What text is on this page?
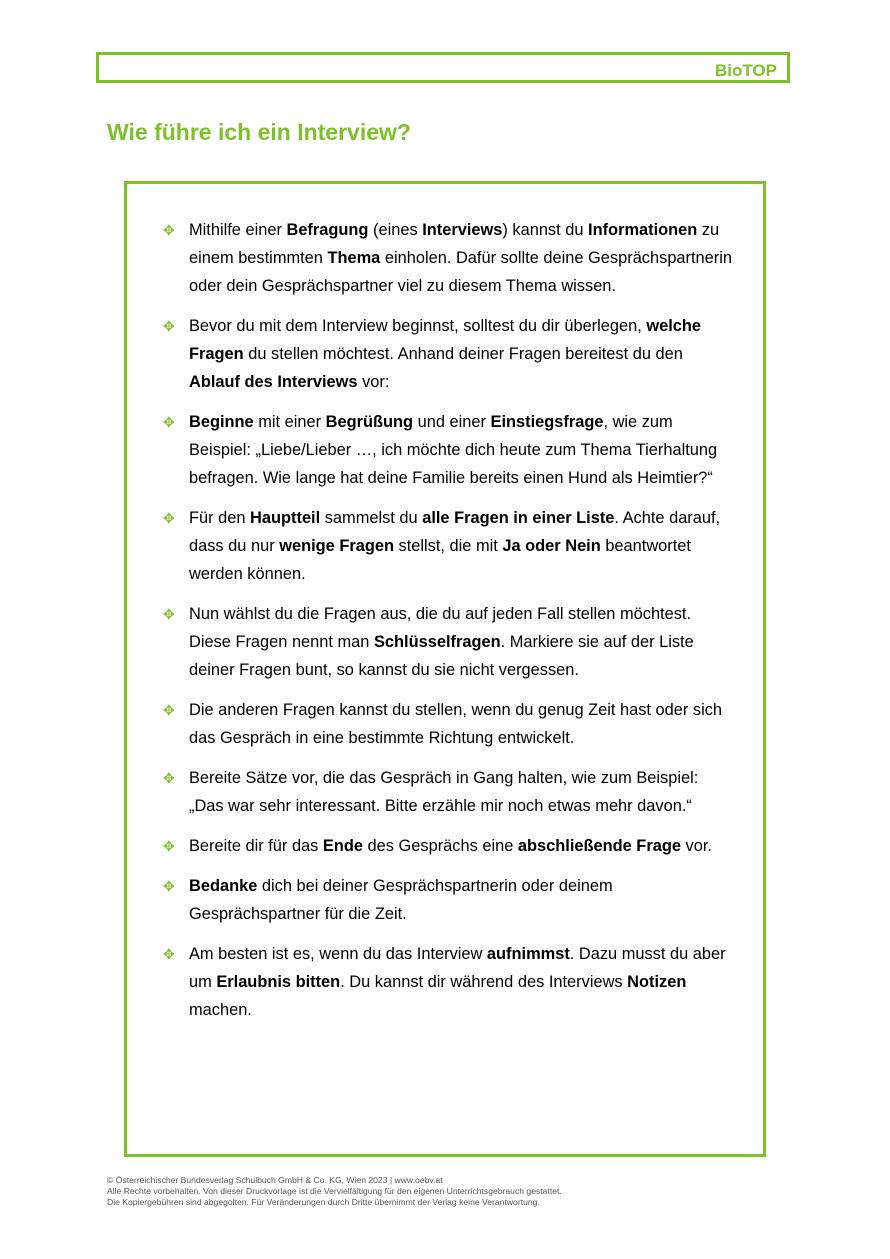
BioTOP
Wie führe ich ein Interview?
✥ Mithilfe einer Befragung (eines Interviews) kannst du Informationen zu einem bestimmten Thema einholen. Dafür sollte deine Gesprächspartnerin oder dein Gesprächspartner viel zu diesem Thema wissen.
✥ Bevor du mit dem Interview beginnst, solltest du dir überlegen, welche Fragen du stellen möchtest. Anhand deiner Fragen bereitest du den Ablauf des Interviews vor:
✥ Beginne mit einer Begrüßung und einer Einstiegsfrage, wie zum Beispiel: „Liebe/Lieber …, ich möchte dich heute zum Thema Tierhaltung befragen. Wie lange hat deine Familie bereits einen Hund als Heimtier?“
✥ Für den Hauptteil sammelst du alle Fragen in einer Liste. Achte darauf, dass du nur wenige Fragen stellst, die mit Ja oder Nein beantwortet werden können.
✥ Nun wählst du die Fragen aus, die du auf jeden Fall stellen möchtest. Diese Fragen nennt man Schlüsselfragen. Markiere sie auf der Liste deiner Fragen bunt, so kannst du sie nicht vergessen.
✥ Die anderen Fragen kannst du stellen, wenn du genug Zeit hast oder sich das Gespräch in eine bestimmte Richtung entwickelt.
✥ Bereite Sätze vor, die das Gespräch in Gang halten, wie zum Beispiel: „Das war sehr interessant. Bitte erzähle mir noch etwas mehr davon.“
✥ Bereite dir für das Ende des Gesprächs eine abschließende Frage vor.
✥ Bedanke dich bei deiner Gesprächspartnerin oder deinem Gesprächspartner für die Zeit.
✥ Am besten ist es, wenn du das Interview aufnimmst. Dazu musst du aber um Erlaubnis bitten. Du kannst dir während des Interviews Notizen machen.
© Österreichischer Bundesverlag Schulbuch GmbH & Co. KG, Wien 2023 | www.oebv.at
Alle Rechte vorbehalten. Von dieser Druckvorlage ist die Vervielfältigung für den eigenen Unterrichtsgebrauch gestattet.
Die Kopiergebühren sind abgegolten. Für Veränderungen durch Dritte übernimmt der Verlag keine Verantwortung.
